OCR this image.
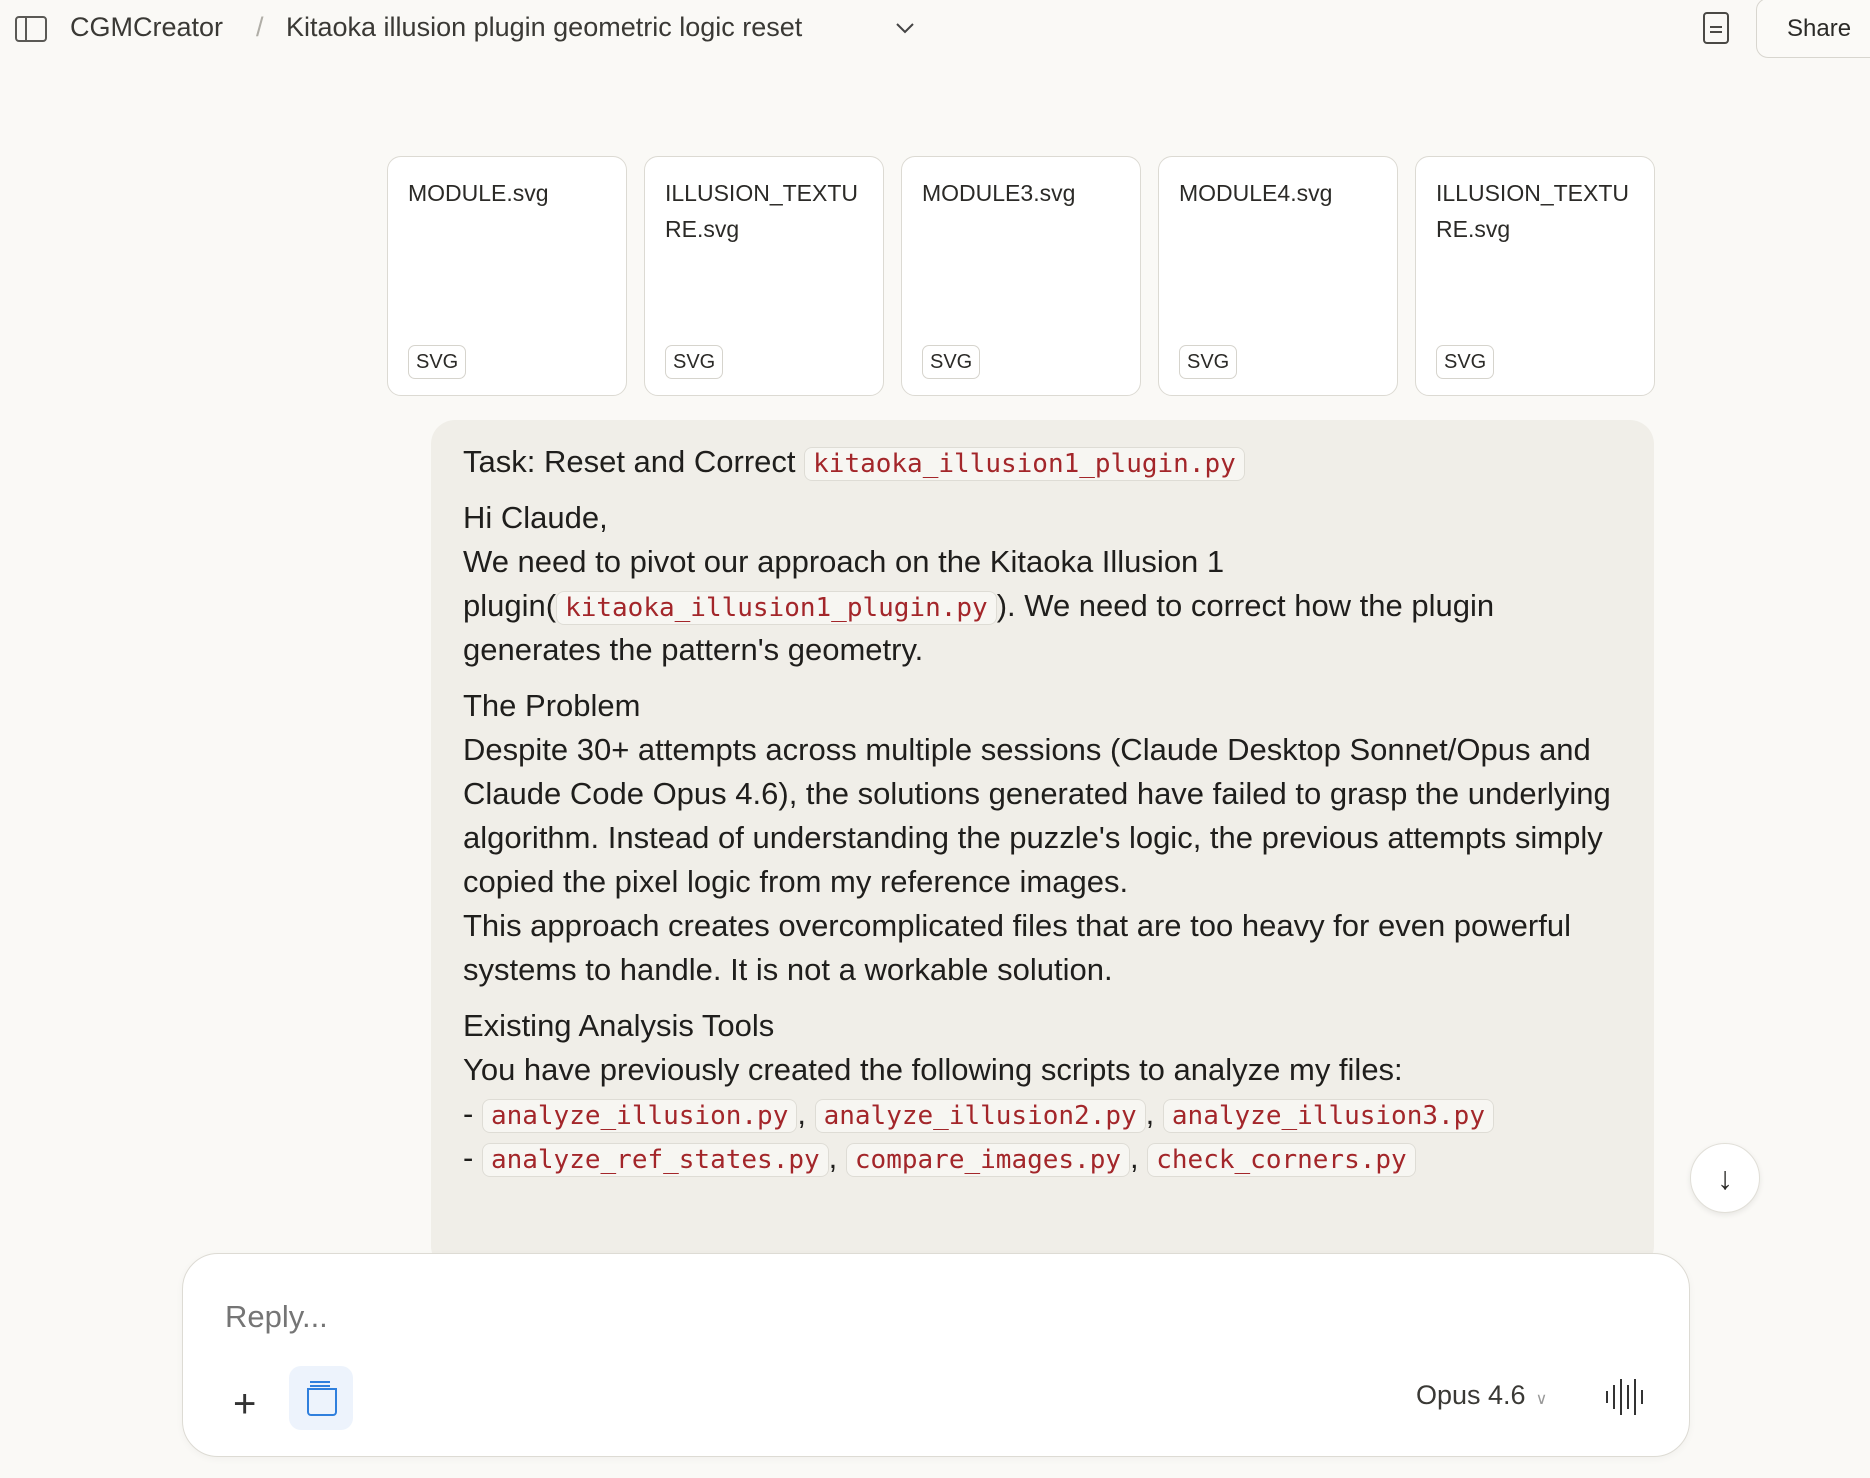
CGMCreator / Kitaoka illusion plugin geometric logic reset	Share
MODULE.svg
SVG
ILLUSION_TEXTURE.svg
SVG
MODULE3.svg
SVG
MODULE4.svg
SVG
ILLUSION_TEXTURE.svg
SVG

Task: Reset and Correct kitaoka_illusion1_plugin.py

Hi Claude,

We need to pivot our approach on the Kitaoka Illusion 1 plugin( kitaoka_illusion1_plugin.py ). We need to correct how the plugin generates the pattern's geometry.

The Problem

Despite 30+ attempts across multiple sessions (Claude Desktop Sonnet/Opus and Claude Code Opus 4.6), the solutions generated have failed to grasp the underlying algorithm. Instead of understanding the puzzle's logic, the previous attempts simply copied the pixel logic from my reference images.

This approach creates overcomplicated files that are too heavy for even powerful systems to handle. It is not a workable solution.

Existing Analysis Tools

You have previously created the following scripts to analyze my files:

- analyze_illusion.py , analyze_illusion2.py , analyze_illusion3.py

- analyze_ref_states.py , compare_images.py , check_corners.py	↓
Reply...
+	Opus 4.6 ∨
